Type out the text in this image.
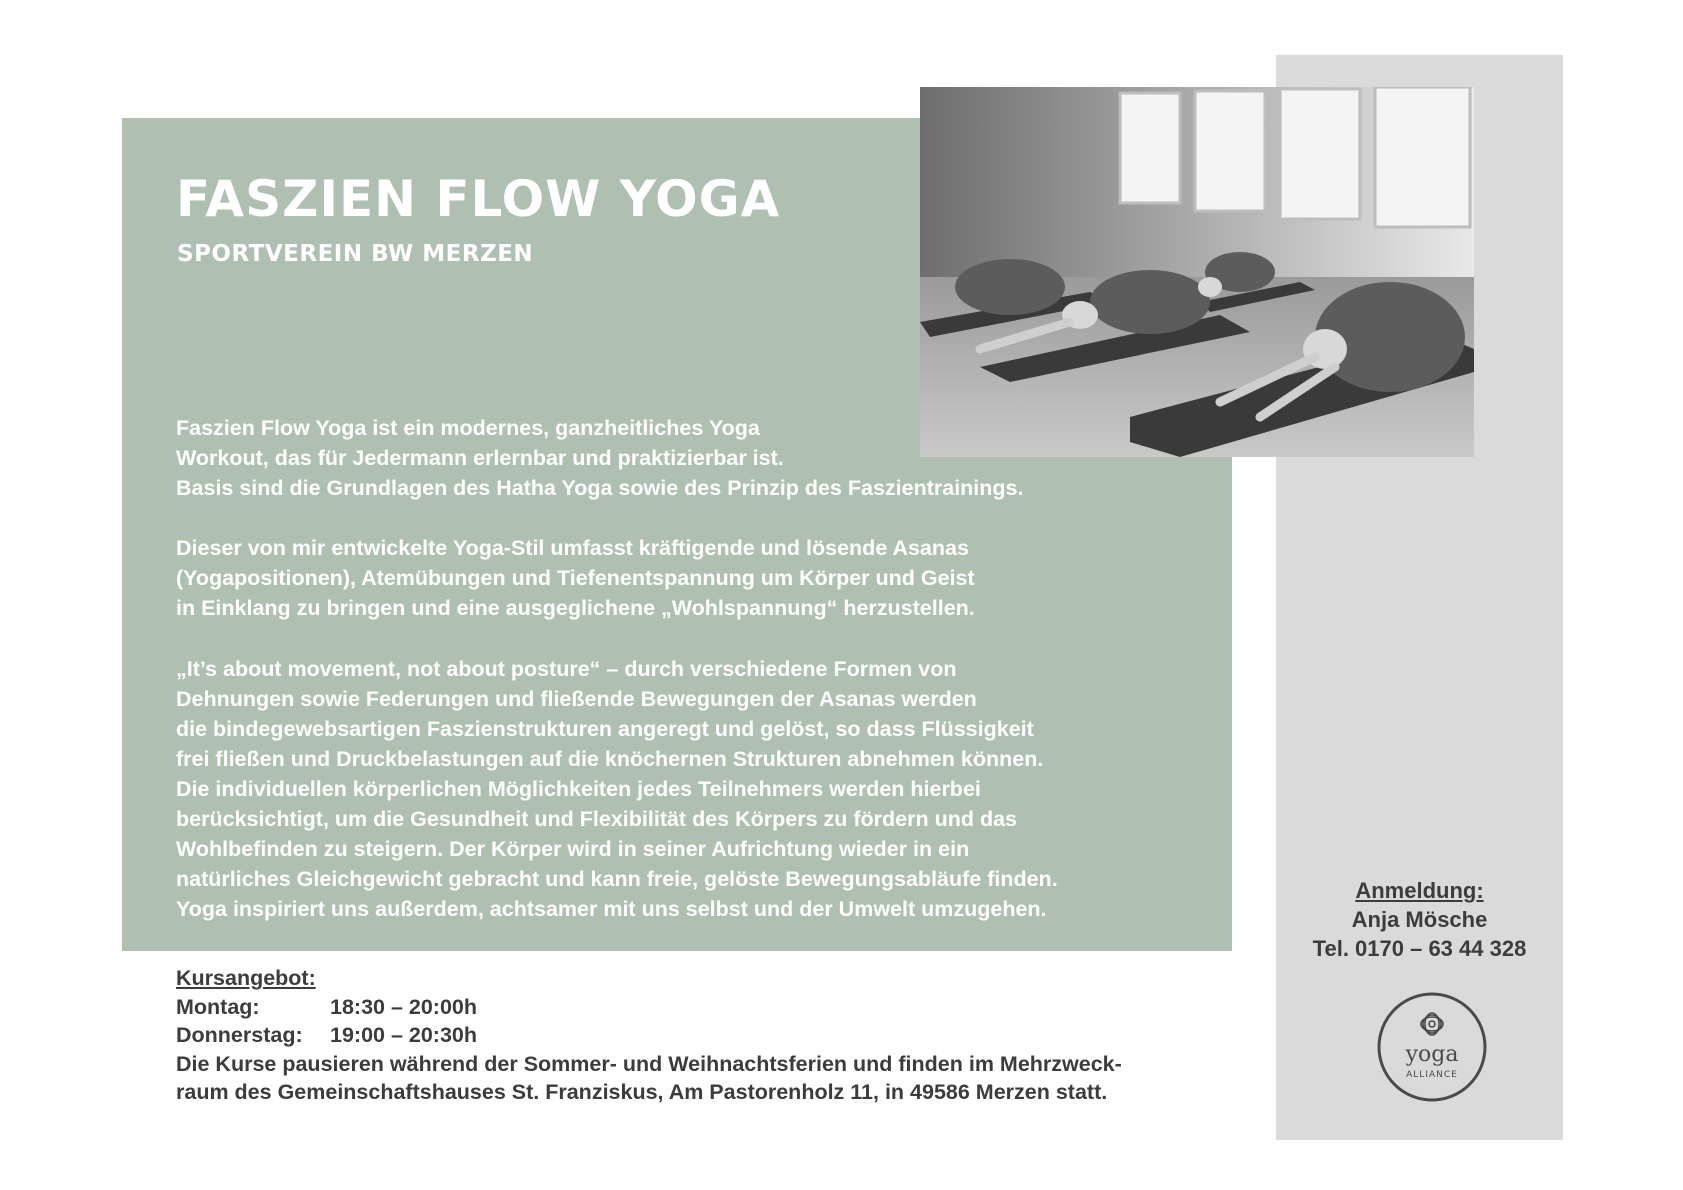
FASZIEN FLOW YOGA
SPORTVEREIN BW MERZEN

Faszien Flow Yoga ist ein modernes, ganzheitliches Yoga

Workout, das für Jedermann erlernbar und praktizierbar ist.

Basis sind die Grundlagen des Hatha Yoga sowie des Prinzip des Faszientrainings.

Dieser von mir entwickelte Yoga-Stil umfasst kräftigende und lösende Asanas

(Yogapositionen), Atemübungen und Tiefenentspannung um Körper und Geist

in Einklang zu bringen und eine ausgeglichene „Wohlspannung“ herzustellen.

„It’s about movement, not about posture“ – durch verschiedene Formen von

Dehnungen sowie Federungen und fließende Bewegungen der Asanas werden

die bindegewebsartigen Faszienstrukturen angeregt und gelöst, so dass Flüssigkeit

frei fließen und Druckbelastungen auf die knöchernen Strukturen abnehmen können.

Die individuellen körperlichen Möglichkeiten jedes Teilnehmers werden hierbei

berücksichtigt, um die Gesundheit und Flexibilität des Körpers zu fördern und das

Wohlbefinden zu steigern. Der Körper wird in seiner Aufrichtung wieder in ein

natürliches Gleichgewicht gebracht und kann freie, gelöste Bewegungsabläufe finden.

Yoga inspiriert uns außerdem, achtsamer mit uns selbst und der Umwelt umzugehen.

Kursangebot:
Montag:	18:30 – 20:00h
Donnerstag: 19:00 – 20:30h
Die Kurse pausieren während der Sommer- und Weihnachtsferien und finden im Mehrzweck-
raum des Gemeinschaftshauses St. Franziskus, Am Pastorenholz 11, in 49586 Merzen statt.
Anmeldung:
Anja Mösche
Tel. 0170 – 63 44 328
yoga
ALLIANCE
